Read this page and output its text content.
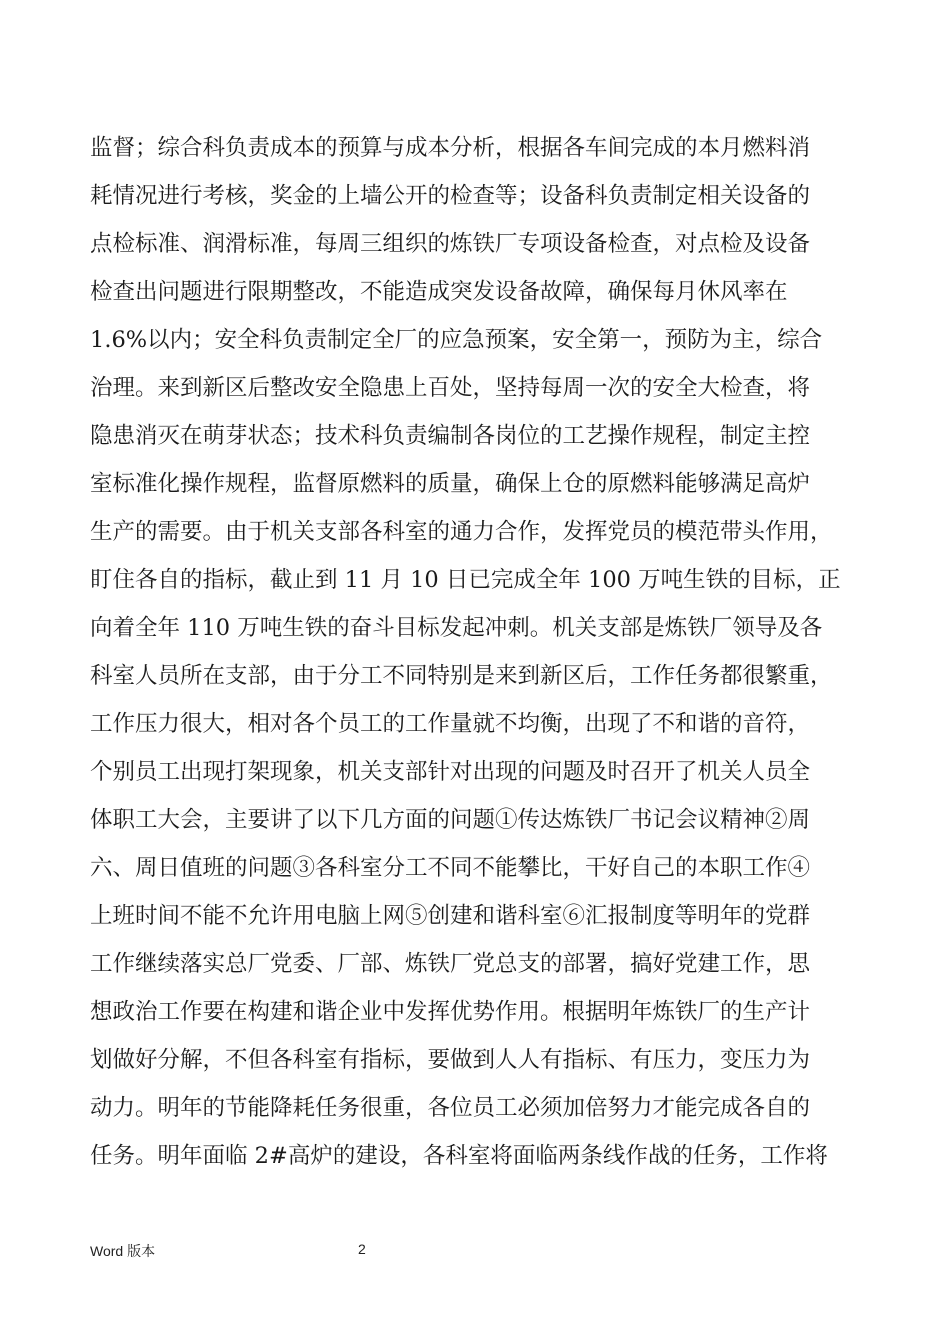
监督；综合科负责成本的预算与成本分析，根据各车间完成的本月燃料消
耗情况进行考核，奖金的上墙公开的检查等；设备科负责制定相关设备的
点检标准、润滑标准，每周三组织的炼铁厂专项设备检查，对点检及设备
检查出问题进行限期整改，不能造成突发设备故障，确保每月休风率在
1.6%以内；安全科负责制定全厂的应急预案，安全第一，预防为主，综合
治理。来到新区后整改安全隐患上百处，坚持每周一次的安全大检查，将
隐患消灭在萌芽状态；技术科负责编制各岗位的工艺操作规程，制定主控
室标准化操作规程，监督原燃料的质量，确保上仓的原燃料能够满足高炉
生产的需要。由于机关支部各科室的通力合作，发挥党员的模范带头作用，
盯住各自的指标，截止到 11 月 10 日已完成全年 100 万吨生铁的目标，正
向着全年 110 万吨生铁的奋斗目标发起冲刺。机关支部是炼铁厂领导及各
科室人员所在支部，由于分工不同特别是来到新区后，工作任务都很繁重，
工作压力很大，相对各个员工的工作量就不均衡，出现了不和谐的音符，
个别员工出现打架现象，机关支部针对出现的问题及时召开了机关人员全
体职工大会，主要讲了以下几方面的问题①传达炼铁厂书记会议精神②周
六、周日值班的问题③各科室分工不同不能攀比，干好自己的本职工作④
上班时间不能不允许用电脑上网⑤创建和谐科室⑥汇报制度等明年的党群
工作继续落实总厂党委、厂部、炼铁厂党总支的部署，搞好党建工作，思
想政治工作要在构建和谐企业中发挥优势作用。根据明年炼铁厂的生产计
划做好分解，不但各科室有指标，要做到人人有指标、有压力，变压力为
动力。明年的节能降耗任务很重，各位员工必须加倍努力才能完成各自的
任务。明年面临 2#高炉的建设，各科室将面临两条线作战的任务，工作将
Word 版本	2
